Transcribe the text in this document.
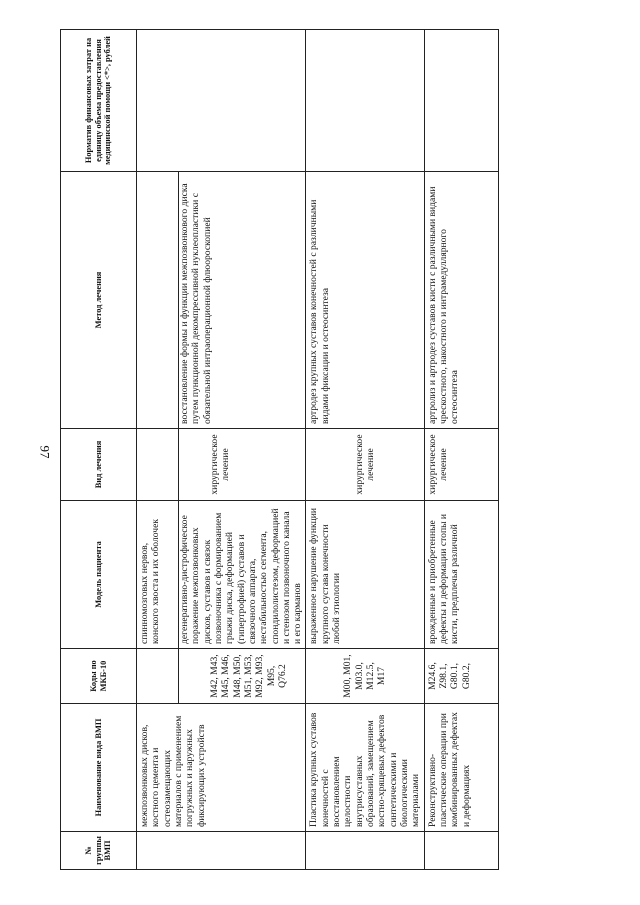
97
№ группы ВМП	Наименование вида ВМП	Коды по МКБ-10	Модель пациента	Вид лечения	Метод лечения	Норматив финансовых затрат на единицу объема предоставления медицинской помощи <*>, рублей
	межпозвонковых дисков, костного цемента и остеозамещающих материалов с применением погружных и наружных фиксирующих устройств	M42, M43, M45, M46, M48, M50, M51, M53, M92, M93, M95, Q76.2	спинномозговых нервов, конского хвоста и их оболочек дегенеративно-дистрофическое поражение межпозвонковых дисков, суставов и связок позвоночника с формированием грыжи диска, деформацией (гипертрофией) суставов и связочного аппарата, нестабильностью сегмента, спондилолистезом, деформацией и стенозом позвоночного канала и его карманов	хирургическое лечение	восстановление формы и функции межпозвонкового диска путем пункционной декомпрессивной нуклеопластики с обязательной интраоперационной флюороскопией	

	Пластика крупных суставов конечностей с восстановлением целостности внутрисуставных образований, замещением костно-хрящевых дефектов синтетическими и биологическими материалами	M00, M01, M03.0, M12.5, M17	выраженное нарушение функции крупного сустава конечности любой этиологии	хирургическое лечение	артродез крупных суставов конечностей с различными видами фиксации и остеосинтеза	
	Реконструктивно-пластические операции при комбинированных дефектах и деформациях	M24.6, Z98.1, G80.1, G80.2,	врожденные и приобретенные дефекты и деформации стопы и кисти, предплечья различной	хирургическое лечение	артролиз и артродез суставов кисти с различными видами чрескостного, накостного и интрамедуллярного остеосинтеза	
